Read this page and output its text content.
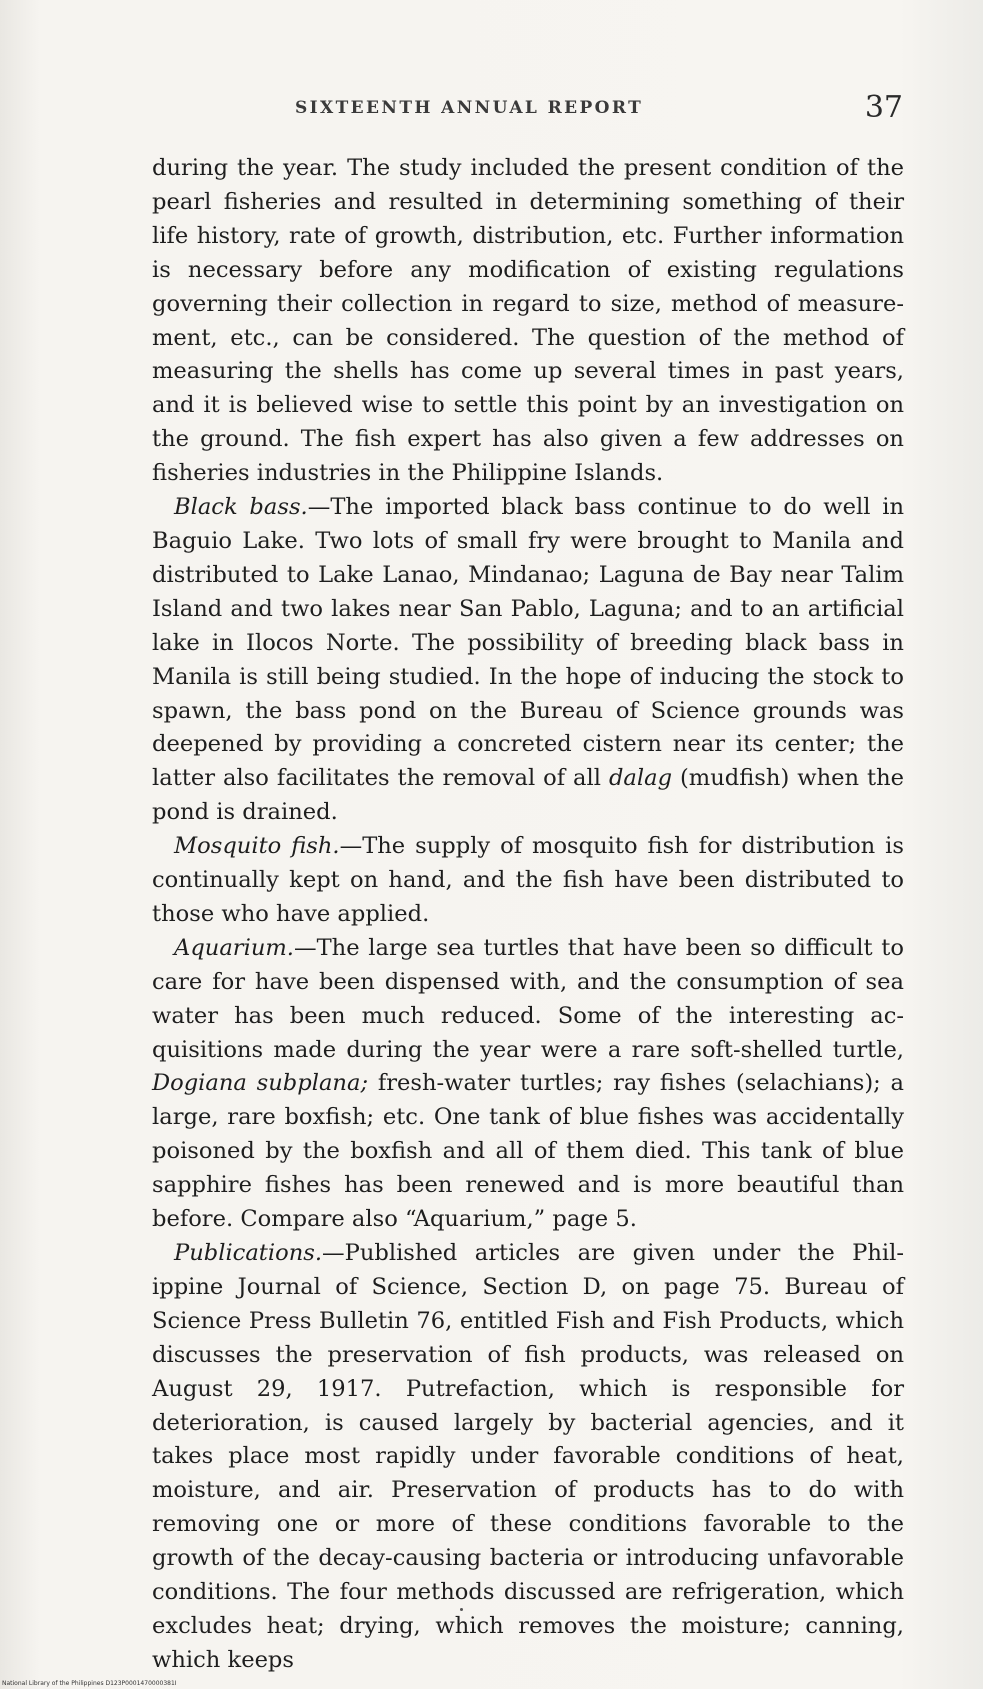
SIXTEENTH ANNUAL REPORT	37

during the year. The study included the present condition of the pearl fisheries and resulted in determining something of their life history, rate of growth, distribution, etc. Further information is necessary before any modification of existing regulations governing their collection in regard to size, method of measurement, etc., can be considered. The question of the method of measuring the shells has come up several times in past years, and it is believed wise to settle this point by an investigation on the ground. The fish expert has also given a few addresses on fisheries industries in the Philippine Islands.

Black bass.—The imported black bass continue to do well in Baguio Lake. Two lots of small fry were brought to Manila and distributed to Lake Lanao, Mindanao; Laguna de Bay near Talim Island and two lakes near San Pablo, Laguna; and to an artificial lake in Ilocos Norte. The possibility of breeding black bass in Manila is still being studied. In the hope of inducing the stock to spawn, the bass pond on the Bureau of Science grounds was deepened by providing a concreted cistern near its center; the latter also facilitates the removal of all dalag (mudfish) when the pond is drained.

Mosquito fish.—The supply of mosquito fish for distribution is continually kept on hand, and the fish have been distributed to those who have applied.

Aquarium.—The large sea turtles that have been so difficult to care for have been dispensed with, and the consumption of sea water has been much reduced. Some of the interesting acquisitions made during the year were a rare soft-shelled turtle, Dogiana subplana; fresh-water turtles; ray fishes (selachians); a large, rare boxfish; etc. One tank of blue fishes was accidentally poisoned by the boxfish and all of them died. This tank of blue sapphire fishes has been renewed and is more beautiful than before. Compare also “Aquarium,” page 5.

Publications.—Published articles are given under the Philippine Journal of Science, Section D, on page 75. Bureau of Science Press Bulletin 76, entitled Fish and Fish Products, which discusses the preservation of fish products, was released on August 29, 1917. Putrefaction, which is responsible for deterioration, is caused largely by bacterial agencies, and it takes place most rapidly under favorable conditions of heat, moisture, and air. Preservation of products has to do with removing one or more of these conditions favorable to the growth of the decay-causing bacteria or introducing unfavorable conditions. The four methods discussed are refrigeration, which excludes heat; drying, which removes the moisture; canning, which keeps

National Library of the Philippines D123P0001470000381I
